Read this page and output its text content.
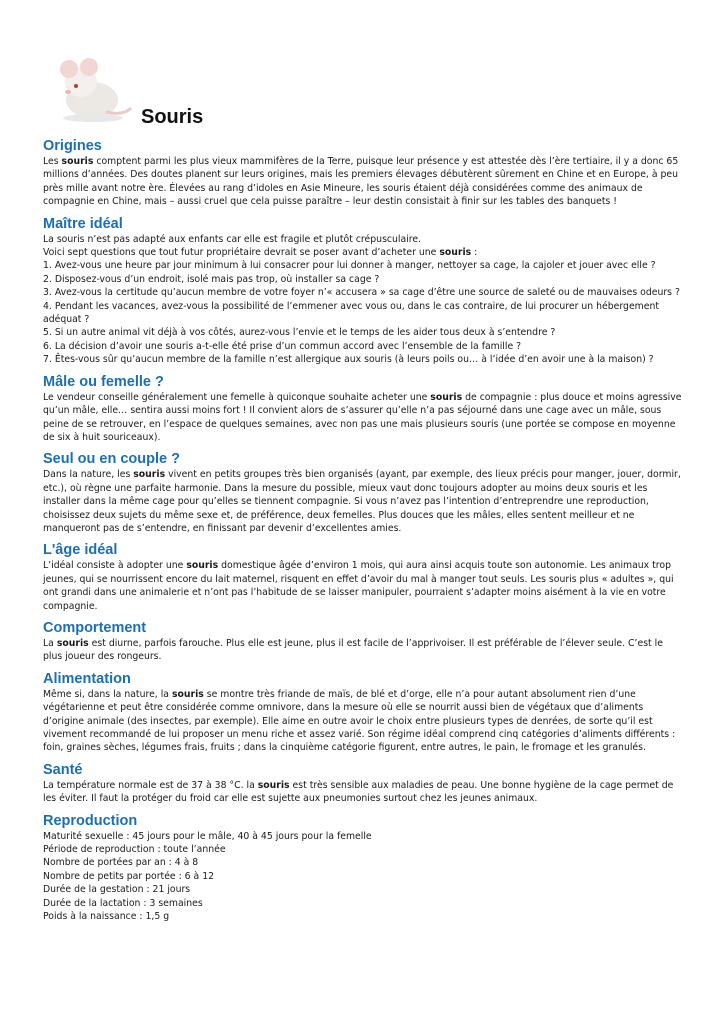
Souris
Origines

Les souris comptent parmi les plus vieux mammifères de la Terre, puisque leur présence y est attestée dès l’ère tertiaire, il y a donc 65 millions d’années. Des doutes planent sur leurs origines, mais les premiers élevages débutèrent sûrement en Chine et en Europe, à peu près mille avant notre ère. Élevées au rang d’idoles en Asie Mineure, les souris étaient déjà considérées comme des animaux de compagnie en Chine, mais – aussi cruel que cela puisse paraître – leur destin consistait à finir sur les tables des banquets !

Maître idéal

La souris n’est pas adapté aux enfants car elle est fragile et plutôt crépusculaire.

Voici sept questions que tout futur propriétaire devrait se poser avant d’acheter une souris :

1. Avez-vous une heure par jour minimum à lui consacrer pour lui donner à manger, nettoyer sa cage, la cajoler et jouer avec elle ?
2. Disposez-vous d’un endroit, isolé mais pas trop, où installer sa cage ?
3. Avez-vous la certitude qu’aucun membre de votre foyer n’« accusera » sa cage d’être une source de saleté ou de mauvaises odeurs ?
4. Pendant les vacances, avez-vous la possibilité de l’emmener avec vous ou, dans le cas contraire, de lui procurer un hébergement adéquat ?
5. Si un autre animal vit déjà à vos côtés, aurez-vous l’envie et le temps de les aider tous deux à s’entendre ?
6. La décision d’avoir une souris a-t-elle été prise d’un commun accord avec l’ensemble de la famille ?
7. Êtes-vous sûr qu’aucun membre de la famille n’est allergique aux souris (à leurs poils ou… à l’idée d’en avoir une à la maison) ?
Mâle ou femelle ?

Le vendeur conseille généralement une femelle à quiconque souhaite acheter une souris de compagnie : plus douce et moins agressive qu’un mâle, elle… sentira aussi moins fort ! Il convient alors de s’assurer qu’elle n’a pas séjourné dans une cage avec un mâle, sous peine de se retrouver, en l’espace de quelques semaines, avec non pas une mais plusieurs souris (une portée se compose en moyenne de six à huit souriceaux).

Seul ou en couple ?

Dans la nature, les souris vivent en petits groupes très bien organisés (ayant, par exemple, des lieux précis pour manger, jouer, dormir, etc.), où règne une parfaite harmonie. Dans la mesure du possible, mieux vaut donc toujours adopter au moins deux souris et les installer dans la même cage pour qu’elles se tiennent compagnie. Si vous n’avez pas l’intention d’entreprendre une reproduction, choisissez deux sujets du même sexe et, de préférence, deux femelles. Plus douces que les mâles, elles sentent meilleur et ne manqueront pas de s’entendre, en finissant par devenir d’excellentes amies.

L'âge idéal

L’idéal consiste à adopter une souris domestique âgée d’environ 1 mois, qui aura ainsi acquis toute son autonomie. Les animaux trop jeunes, qui se nourrissent encore du lait maternel, risquent en effet d’avoir du mal à manger tout seuls. Les souris plus « adultes », qui ont grandi dans une animalerie et n’ont pas l’habitude de se laisser manipuler, pourraient s’adapter moins aisément à la vie en votre compagnie.

Comportement

La souris est diurne, parfois farouche. Plus elle est jeune, plus il est facile de l’apprivoiser. Il est préférable de l’élever seule. C’est le plus joueur des rongeurs.

Alimentation

Même si, dans la nature, la souris se montre très friande de maïs, de blé et d’orge, elle n’a pour autant absolument rien d’une végétarienne et peut être considérée comme omnivore, dans la mesure où elle se nourrit aussi bien de végétaux que d’aliments d’origine animale (des insectes, par exemple). Elle aime en outre avoir le choix entre plusieurs types de denrées, de sorte qu’il est vivement recommandé de lui proposer un menu riche et assez varié. Son régime idéal comprend cinq catégories d’aliments différents : foin, graines sèches, légumes frais, fruits ; dans la cinquième catégorie figurent, entre autres, le pain, le fromage et les granulés.

Santé

La température normale est de 37 à 38 °C. la souris est très sensible aux maladies de peau. Une bonne hygiène de la cage permet de les éviter. Il faut la protéger du froid car elle est sujette aux pneumonies surtout chez les jeunes animaux.

Reproduction
Maturité sexuelle : 45 jours pour le mâle, 40 à 45 jours pour la femelle
Période de reproduction : toute l’année
Nombre de portées par an : 4 à 8
Nombre de petits par portée : 6 à 12
Durée de la gestation : 21 jours
Durée de la lactation : 3 semaines
Poids à la naissance : 1,5 g
